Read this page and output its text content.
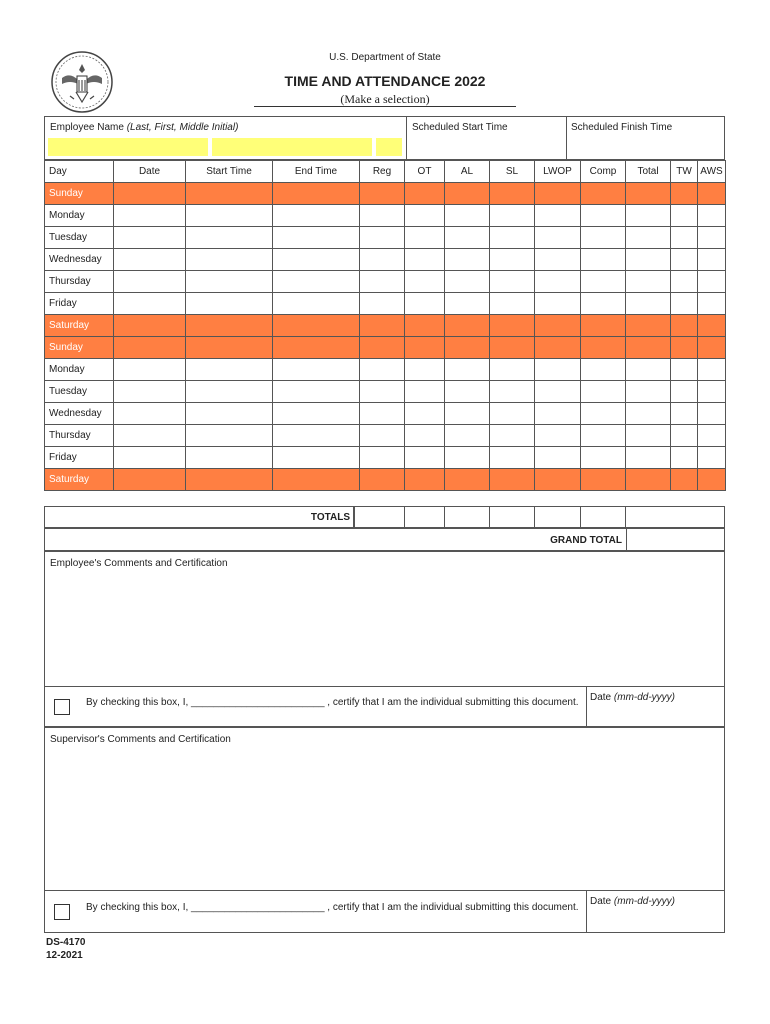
U.S. Department of State
TIME AND ATTENDANCE 2022
(Make a selection)
Employee Name (Last, First, Middle Initial)	Scheduled Start Time	Scheduled Finish Time
Day	Date	Start Time	End Time	Reg	OT	AL	SL	LWOP	Comp	Total	TW	AWS
Sunday												
Monday												
Tuesday												
Wednesday												
Thursday												
Friday												
Saturday												
Sunday												
Monday												
Tuesday												
Wednesday												
Thursday												
Friday												
Saturday												
TOTALS
GRAND TOTAL
Employee's Comments and Certification
By checking this box, I, ________________________ , certify that I am the individual submitting this document.	Date (mm-dd-yyyy)
Supervisor's Comments and Certification
By checking this box, I, ________________________ , certify that I am the individual submitting this document.
Date (mm-dd-yyyy)
DS-4170
12-2021
